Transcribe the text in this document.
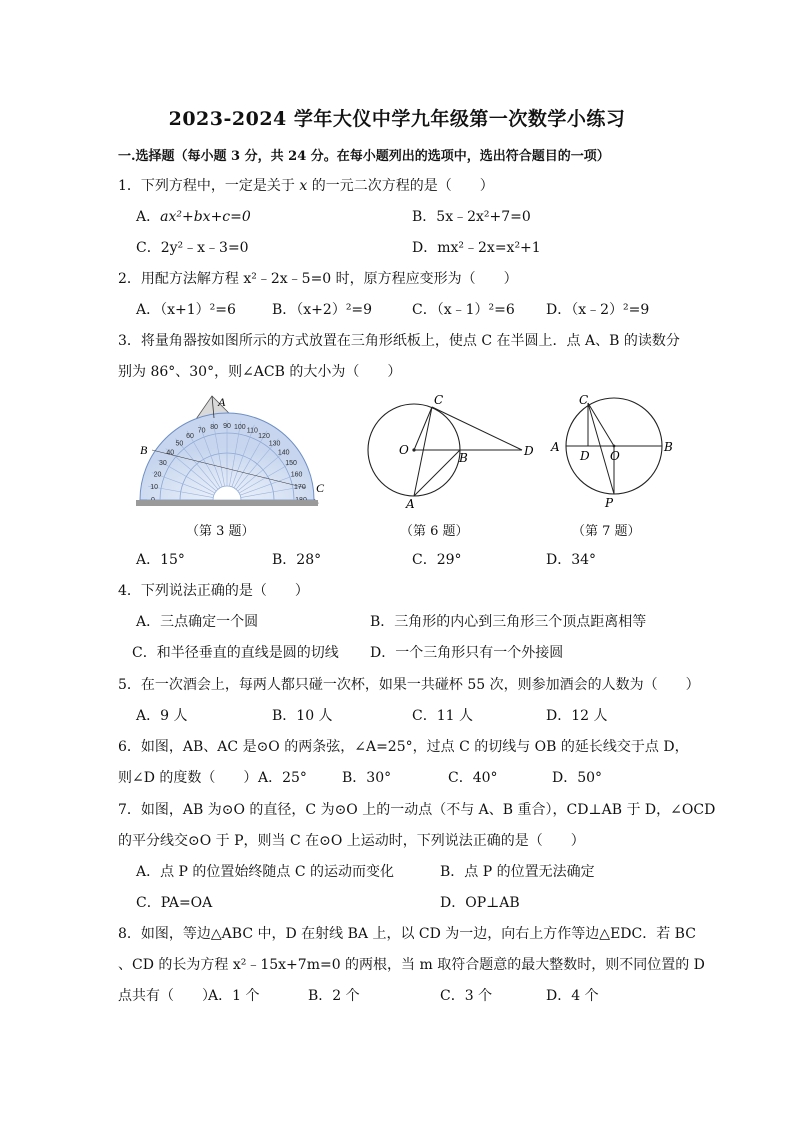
2023-2024 学年大仪中学九年级第一次数学小练习
一.选择题（每小题 3 分，共 24 分。在每小题列出的选项中，选出符合题目的一项）
1．下列方程中，一定是关于 x 的一元二次方程的是（　　）
A．ax²+bx+c=0	B．5x﹣2x²+7=0
C．2y²﹣x﹣3=0	D．mx²﹣2x=x²+1
2．用配方法解方程 x²﹣2x﹣5=0 时，原方程应变形为（　　）
A．（x+1）²=6	B．（x+2）²=9	C．（x﹣1）²=6 D．（x﹣2）²=9
3．将量角器按如图所示的方式放置在三角形纸板上，使点 C 在半圆上．点 A、B 的读数分
别为 86°、30°，则∠ACB 的大小为（　　）
10
20
30
40
50
60
70 80 90 100 110
120
130
140
150
160
170
A
B
C
C
O
B	D
A
C
A
D O
B
P
（第 3 题）	（第 6 题）	（第 7 题）
A．15°	B．28°	C．29°	D．34°
4．下列说法正确的是（　　）
A．三点确定一个圆	B．三角形的内心到三角形三个顶点距离相等
C．和半径垂直的直线是圆的切线 D．一个三角形只有一个外接圆
5．在一次酒会上，每两人都只碰一次杯，如果一共碰杯 55 次，则参加酒会的人数为（　　）
A．9 人	B．10 人	C．11 人	D．12 人
6．如图，AB、AC 是⊙O 的两条弦，∠A=25°，过点 C 的切线与 OB 的延长线交于点 D，
则∠D 的度数（　　） A．25°	B．30°	C．40°	D．50°
7．如图，AB 为⊙O 的直径，C 为⊙O 上的一动点（不与 A、B 重合），CD⊥AB 于 D，∠OCD
的平分线交⊙O 于 P，则当 C 在⊙O 上运动时，下列说法正确的是（　　）
A．点 P 的位置始终随点 C 的运动而变化	B．点 P 的位置无法确定
C．PA=OA	D．OP⊥AB
8．如图，等边△ABC 中，D 在射线 BA 上，以 CD 为一边，向右上方作等边△EDC．若 BC
、CD 的长为方程 x²﹣15x+7m=0 的两根，当 m 取符合题意的最大整数时，则不同位置的 D
点共有（　　）
A．1 个	B．2 个	C．3 个	D．4 个
